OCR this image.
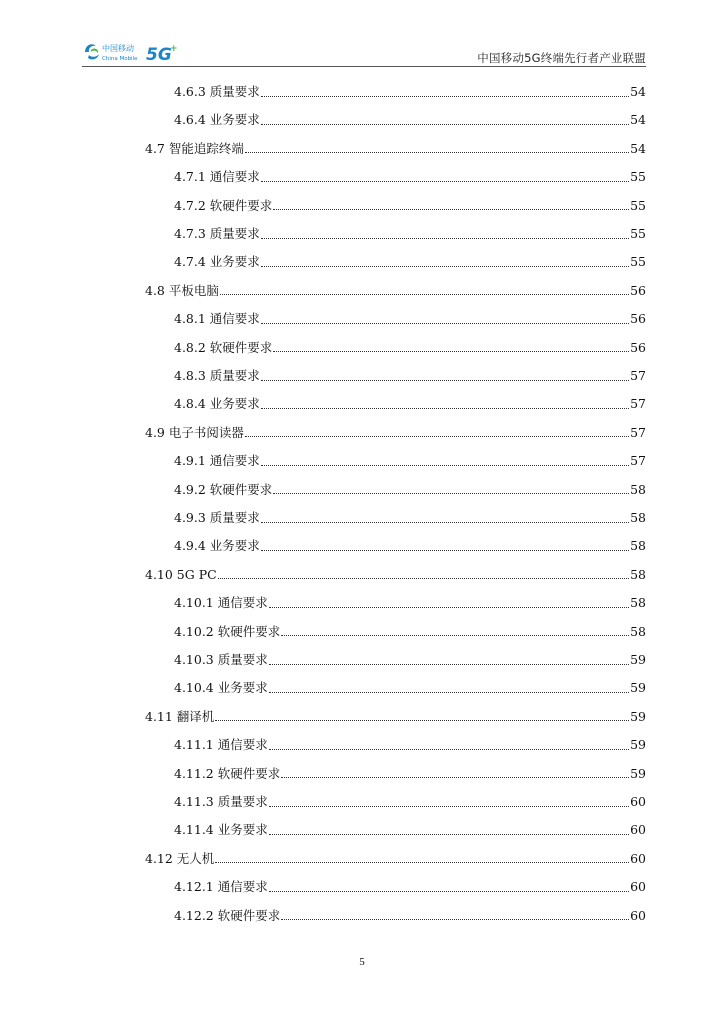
中国移动
China Mobile 5G
+
中国移动5G终端先行者产业联盟
4.6.3 质量要求	54
4.6.4 业务要求	54
4.7 智能追踪终端	54
4.7.1 通信要求	55
4.7.2 软硬件要求	55
4.7.3 质量要求	55
4.7.4 业务要求	55
4.8 平板电脑	56
4.8.1 通信要求	56
4.8.2 软硬件要求	56
4.8.3 质量要求	57
4.8.4 业务要求	57
4.9 电子书阅读器	57
4.9.1 通信要求	57
4.9.2 软硬件要求	58
4.9.3 质量要求	58
4.9.4 业务要求	58
4.10 5G PC	58
4.10.1 通信要求	58
4.10.2 软硬件要求	58
4.10.3 质量要求	59
4.10.4 业务要求	59
4.11 翻译机	59
4.11.1 通信要求	59
4.11.2 软硬件要求	59
4.11.3 质量要求	60
4.11.4 业务要求	60
4.12 无人机	60
4.12.1 通信要求	60
4.12.2 软硬件要求	60
5
